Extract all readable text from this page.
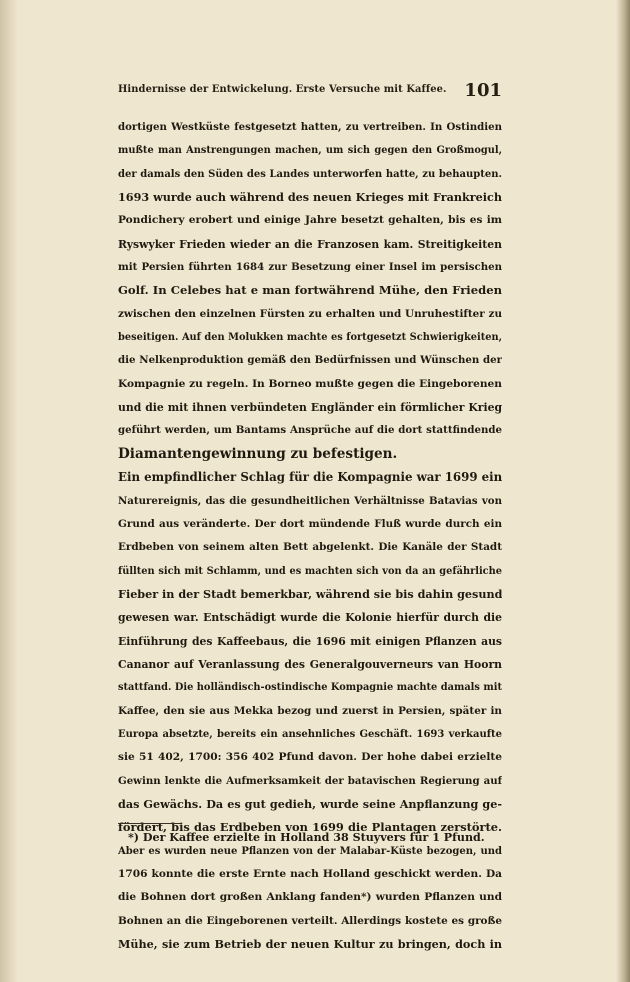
Hindernisse der Entwickelung. Erste Versuche mit Kaffee. 101
dortigen Westküste festgesetzt hatten, zu vertreiben. In Ostindien
mußte man Anstrengungen machen, um sich gegen den Großmogul,
der damals den Süden des Landes unterworfen hatte, zu behaupten.
1693 wurde auch während des neuen Krieges mit Frankreich
Pondichery erobert und einige Jahre besetzt gehalten, bis es im
Ryswyker Frieden wieder an die Franzosen kam. Streitigkeiten
mit Persien führten 1684 zur Besetzung einer Insel im persischen
Golf. In Celebes hat e man fortwährend Mühe, den Frieden
zwischen den einzelnen Fürsten zu erhalten und Unruhestifter zu
beseitigen. Auf den Molukken machte es fortgesetzt Schwierigkeiten,
die Nelkenproduktion gemäß den Bedürfnissen und Wünschen der
Kompagnie zu regeln. In Borneo mußte gegen die Eingeborenen
und die mit ihnen verbündeten Engländer ein förmlicher Krieg
geführt werden, um Bantams Ansprüche auf die dort stattfindende
Diamantengewinnung zu befestigen.
Ein empfindlicher Schlag für die Kompagnie war 1699 ein
Naturereignis, das die gesundheitlichen Verhältnisse Batavias von
Grund aus veränderte. Der dort mündende Fluß wurde durch ein
Erdbeben von seinem alten Bett abgelenkt. Die Kanäle der Stadt
füllten sich mit Schlamm, und es machten sich von da an gefährliche
Fieber in der Stadt bemerkbar, während sie bis dahin gesund
gewesen war. Entschädigt wurde die Kolonie hierfür durch die
Einführung des Kaffeebaus, die 1696 mit einigen Pflanzen aus
Cananor auf Veranlassung des Generalgouverneurs van Hoorn
stattfand. Die holländisch-ostindische Kompagnie machte damals mit
Kaffee, den sie aus Mekka bezog und zuerst in Persien, später in
Europa absetzte, bereits ein ansehnliches Geschäft. 1693 verkaufte
sie 51 402, 1700: 356 402 Pfund davon. Der hohe dabei erzielte
Gewinn lenkte die Aufmerksamkeit der batavischen Regierung auf
das Gewächs. Da es gut gedieh, wurde seine Anpflanzung ge-
fördert, bis das Erdbeben von 1699 die Plantagen zerstörte.
Aber es wurden neue Pflanzen von der Malabar-Küste bezogen, und
1706 konnte die erste Ernte nach Holland geschickt werden. Da
die Bohnen dort großen Anklang fanden*) wurden Pflanzen und
Bohnen an die Eingeborenen verteilt. Allerdings kostete es große
Mühe, sie zum Betrieb der neuen Kultur zu bringen, doch in
*) Der Kaffee erzielte in Holland 38 Stuyvers für 1 Pfund.
